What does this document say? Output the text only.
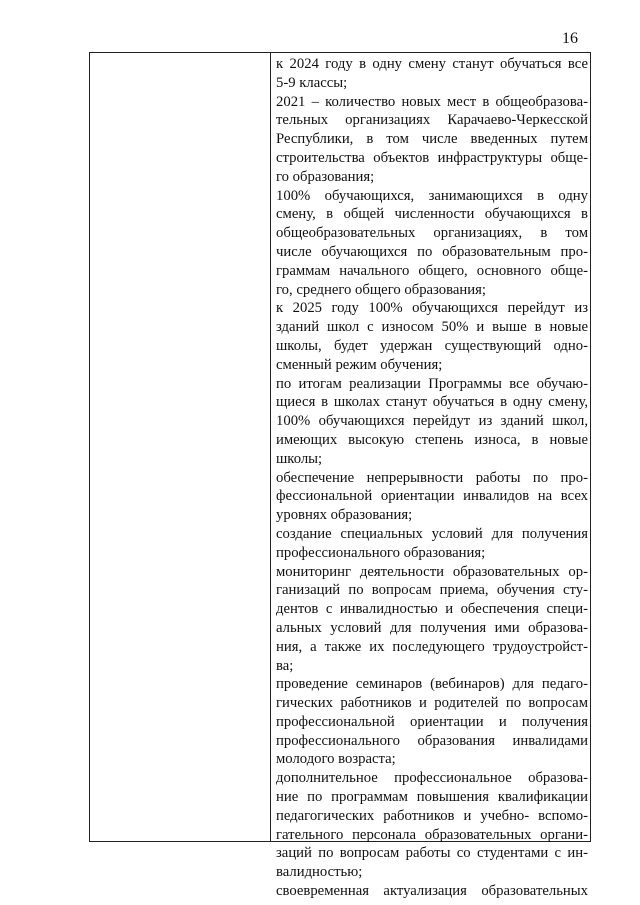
16
к 2024 году в одну смену станут обучаться все
5-9 классы;
2021 – количество новых мест в общеобразова-
тельных организациях Карачаево-Черкесской
Республики, в том числе введенных путем
строительства объектов инфраструктуры обще-
го образования;
100% обучающихся, занимающихся в одну
смену, в общей численности обучающихся в
общеобразовательных организациях, в том
числе обучающихся по образовательным про-
граммам начального общего, основного обще-
го, среднего общего образования;
к 2025 году 100% обучающихся перейдут из
зданий школ с износом 50% и выше в новые
школы, будет удержан существующий одно-
сменный режим обучения;
по итогам реализации Программы все обучаю-
щиеся в школах станут обучаться в одну смену,
100% обучающихся перейдут из зданий школ,
имеющих высокую степень износа, в новые
школы;
обеспечение непрерывности работы по про-
фессиональной ориентации инвалидов на всех
уровнях образования;
создание специальных условий для получения
профессионального образования;
мониторинг деятельности образовательных ор-
ганизаций по вопросам приема, обучения сту-
дентов с инвалидностью и обеспечения специ-
альных условий для получения ими образова-
ния, а также их последующего трудоустройст-
ва;
проведение семинаров (вебинаров) для педаго-
гических работников и родителей по вопросам
профессиональной ориентации и получения
профессионального образования инвалидами
молодого возраста;
дополнительное профессиональное образова-
ние по программам повышения квалификации
педагогических работников и учебно- вспомо-
гательного персонала образовательных органи-
заций по вопросам работы со студентами с ин-
валидностью;
своевременная актуализация образовательных
